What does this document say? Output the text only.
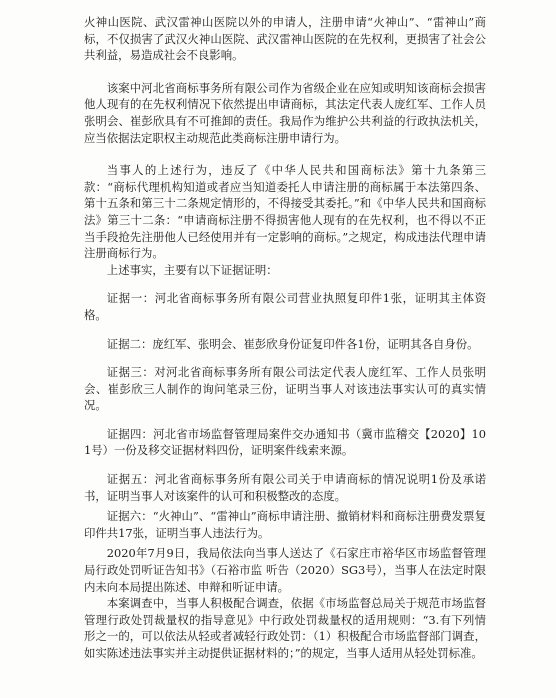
火神山医院、武汉雷神山医院以外的申请人，注册申请“火神山”、“雷神山”商标，不仅损害了武汉火神山医院、武汉雷神山医院的在先权利，更损害了社会公共利益，易造成社会不良影响。

该案中河北省商标事务所有限公司作为省级企业在应知或明知该商标会损害他人现有的在先权利情况下依然提出申请商标，其法定代表人庞红军、工作人员张明会、崔彭欣具有不可推卸的责任。我局作为维护公共利益的行政执法机关，应当依据法定职权主动规范此类商标注册申请行为。

当事人的上述行为，违反了《中华人民共和国商标法》第十九条第三款：“商标代理机构知道或者应当知道委托人申请注册的商标属于本法第四条、第十五条和第三十二条规定情形的，不得接受其委托。”和《中华人民共和国商标法》第三十二条：“申请商标注册不得损害他人现有的在先权利，也不得以不正当手段抢先注册他人已经使用并有一定影响的商标。”之规定，构成违法代理申请注册商标行为。

上述事实，主要有以下证据证明：

证据一：河北省商标事务所有限公司营业执照复印件1张，证明其主体资格。

证据二：庞红军、张明会、崔彭欣身份证复印件各1份，证明其各自身份。

证据三：对河北省商标事务所有限公司法定代表人庞红军、工作人员张明会、崔彭欣三人制作的询问笔录三份，证明当事人对该违法事实认可的真实情况。

证据四：河北省市场监督管理局案件交办通知书（冀市监稽交【2020】101号）一份及移交证据材料四份，证明案件线索来源。

证据五：河北省商标事务所有限公司关于申请商标的情况说明1份及承诺书，证明当事人对该案件的认可和积极整改的态度。

证据六：“火神山”、“雷神山”商标申请注册、撤销材料和商标注册费发票复印件共17张，证明当事人违法行为。

2020年7月9日，我局依法向当事人送达了《石家庄市裕华区市场监督管理局行政处罚听证告知书》（石裕市监 听告（2020）SG3号），当事人在法定时限内未向本局提出陈述、申辩和听证申请。

本案调查中，当事人积极配合调查，依据《市场监督总局关于规范市场监督管理行政处罚裁量权的指导意见》中行政处罚裁量权的适用规则：“3.有下列情形之一的，可以依法从轻或者减轻行政处罚：（1）积极配合市场监督部门调查，如实陈述违法事实并主动提供证据材料的；”的规定，当事人适用从轻处罚标准。
